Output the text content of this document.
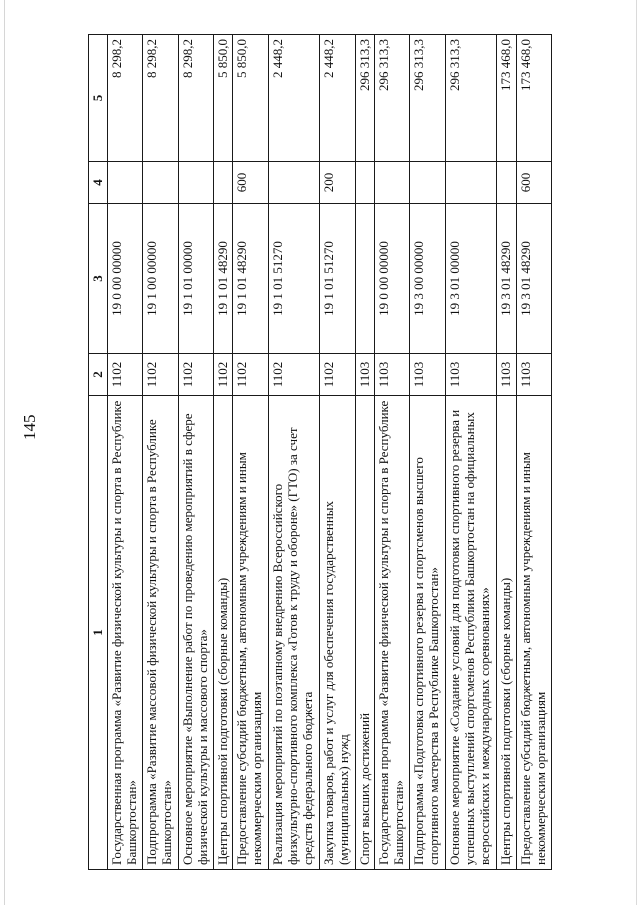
145
1	2	3	4	5
Государственная программа «Развитие физической культуры и спорта в Республике Башкортостан»	1102	19 0 00 00000		8 298,2
Подпрограмма «Развитие массовой физической культуры и спорта в Республике Башкортостан»	1102	19 1 00 00000		8 298,2
Основное мероприятие «Выполнение работ по проведению мероприятий в сфере физической культуры и массового спорта»	1102	19 1 01 00000		8 298,2
Центры спортивной подготовки (сборные команды)	1102	19 1 01 48290		5 850,0
Предоставление субсидий бюджетным, автономным учреждениям и иным некоммерческим организациям	1102	19 1 01 48290	600	5 850,0
Реализация мероприятий по поэтапному внедрению Всероссийского физкультурно-спортивного комплекса «Готов к труду и обороне» (ГТО) за счет средств федерального бюджета	1102	19 1 01 51270		2 448,2
Закупка товаров, работ и услуг для обеспечения государственных (муниципальных) нужд	1102	19 1 01 51270	200	2 448,2
Спорт высших достижений	1103			296 313,3
Государственная программа «Развитие физической культуры и спорта в Республике Башкортостан»	1103	19 0 00 00000		296 313,3
Подпрограмма «Подготовка спортивного резерва и спортсменов высшего спортивного мастерства в Республике Башкортостан»	1103	19 3 00 00000		296 313,3
Основное мероприятие «Создание условий для подготовки спортивного резерва и успешных выступлений спортсменов Республики Башкортостан на официальных всероссийских и международных соревнованиях»	1103	19 3 01 00000		296 313,3
Центры спортивной подготовки (сборные команды)	1103	19 3 01 48290		173 468,0
Предоставление субсидий бюджетным, автономным учреждениям и иным некоммерческим организациям	1103	19 3 01 48290	600	173 468,0
